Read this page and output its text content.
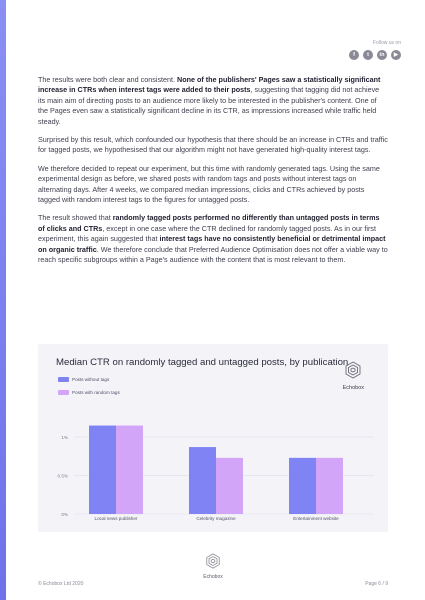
Follow us on
f	t	in	▶

The results were both clear and consistent. None of the publishers' Pages saw a statistically significant increase in CTRs when interest tags were added to their posts, suggesting that tagging did not achieve its main aim of directing posts to an audience more likely to be interested in the publisher's content. One of the Pages even saw a statistically significant decline in its CTR, as impressions increased while traffic held steady.

Surprised by this result, which confounded our hypothesis that there should be an increase in CTRs and traffic for tagged posts, we hypothesised that our algorithm might not have generated high-quality interest tags.

We therefore decided to repeat our experiment, but this time with randomly generated tags. Using the same experimental design as before, we shared posts with random tags and posts without interest tags on alternating days. After 4 weeks, we compared median impressions, clicks and CTRs achieved by posts tagged with random interest tags to the figures for untagged posts.

The result showed that randomly tagged posts performed no differently than untagged posts in terms of clicks and CTRs, except in one case where the CTR declined for randomly tagged posts. As in our first experiment, this again suggested that interest tags have no consistently beneficial or detrimental impact on organic traffic. We therefore conclude that Preferred Audience Optimisation does not offer a viable way to reach specific subgroups within a Page's audience with the content that is most relevant to them.

0%
0.5%
1%
Local news publisher	Celebrity magazine	Entertainment website
Median CTR on randomly tagged and untagged posts, by publication
Posts without tags
Posts with random tags
Echobox
Echobox
© Echobox Ltd 2020	Page 6 / 9
